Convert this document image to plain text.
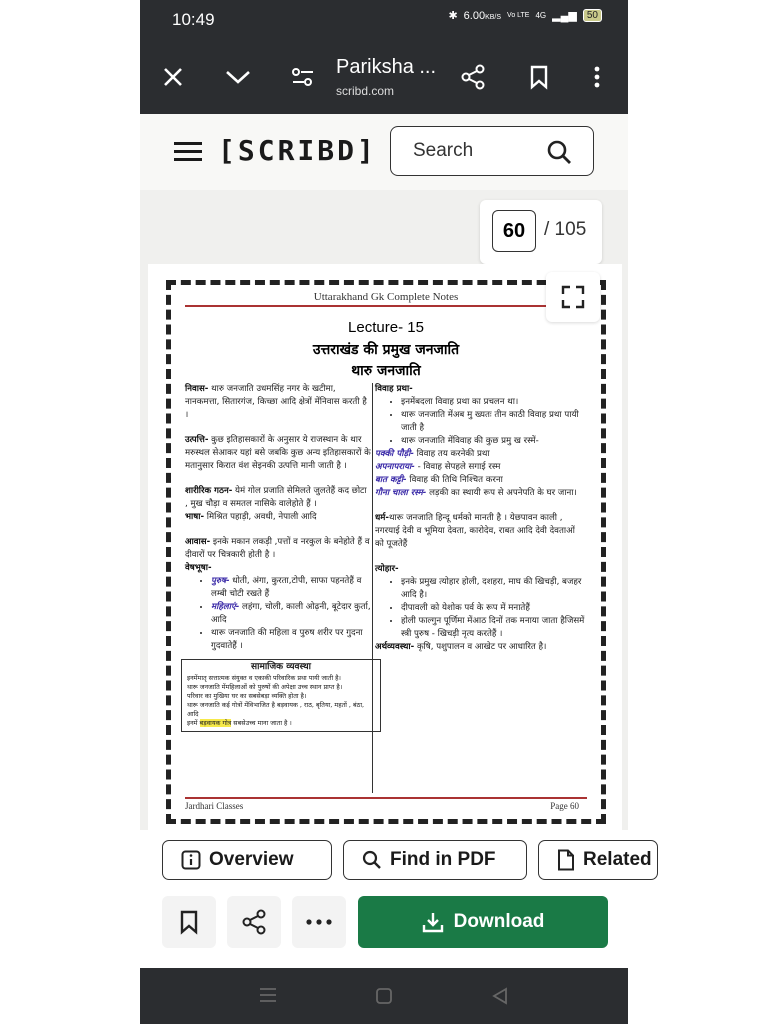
10:49	✱ 6.00KB/S Vo LTE 4G ▂▄▆	50
Pariksha ...
scribd.com
[SCRIBD] Search
60 / 105
Uttarakhand Gk Complete Notes
Lecture- 15
उत्तराखंड की प्रमुख जनजाति
थारु जनजाति

निवास- थारु जनजाति उधमसिंह नगर के खटीमा, नानकमत्ता, सितारगंज, किच्छा आदि क्षेत्रों मेंनिवास करती है ।

उत्पत्ति- कुछ इतिहासकारों के अनुसार ये राजस्थान के थार मरुस्थल सेआकर यहां बसे जबकि कुछ अन्य इतिहासकारों के मतानुसार किरात वंश सेइनकी उत्पत्ति मानी जाती है ।

शारीरिक गठन- येमं गोल प्रजाति सेमिलते जुलतेहैं कद छोटा , मुख चौड़ा व समतल नासिके वालेहोते हैं ।

भाषा- मिश्रित पहाड़ी, अवधी, नेपाली आदि

आवास- इनके मकान लकड़ी ,पत्तों व नरकुल के बनेहोते हैं व दीवारों पर चित्रकारी होती है ।

वेषभूषा-
• पुरुष- धोती, अंगा, कुरता,टोपी, साफा पहनतेहैं व लम्बी चोटी रखते हैं
• महिलाएं- लहंगा, चोली, काली ओढ़नी, बूटेदार कुर्ता, आदि
• थारू जनजाति की महिला व पुरुष शरीर पर गुदना गुदवातेहैं ।
सामाजिक व्यवस्था
इनमेंमातृ सत्तात्मक संयुक्त व एकाकी परिवारिक प्रथा पायी जाती है।
थारू जनजाति मेंमहिलाओं को पुरुषों की अपेक्षा उच्च स्थान प्राप्त है।
परिवार का मुखिया घर का सबसेबड़ा व्यक्ति होता है।
थारू जनजाति कई गोत्रों मेंविभाजित है बड़वायक , राठ, बृतिया, महतों , बंठा, आदि
इनमें बड़वायक गोत्र सबसेउच्च माना जाता है ।
विवाह प्रथा-
• इनमेंबदला विवाह प्रथा का प्रचलन था।
• थारू जनजाति मेंअब मु ख्यतः तीन काठी विवाह प्रथा पायी जाती है
• थारू जनजाति मेंविवाह की कुछ प्रमु ख रस्में-

पक्की पौड़ी- विवाह तय करनेकी प्रथा

अपनापराया- - विवाह सेपहले सगाई रस्म

बात कट्टी- विवाह की तिथि निश्चित करना

गौना चाला रस्म- लड़की का स्थायी रूप से अपनेपति के घर जाना।

धर्म-थारू जनजाति हिन्दू धर्मको मानती है । येछपावन काली , नगरयाई देवी व भूमिया देवता, कारोदेव, राबत आदि देवी देवताओं को पूजतेहैं

त्योहार-
• इनके प्रमुख त्योहार होली, दशहरा, माघ की खिचड़ी, बजहर आदि है।
• दीपावली को येशोक पर्व के रूप में मनातेहैं
• होली फाल्गुन पूर्णिमा मेंआठ दिनों तक मनाया जाता हैजिसमें स्त्री पुरुष - खिचड़ी नृत्य करतेहैं ।

अर्थव्यवस्था- कृषि, पशुपालन व आखेट पर आधारित है।

Jardhari Classes	Page 60
Overview	Find in PDF	Related
Download
